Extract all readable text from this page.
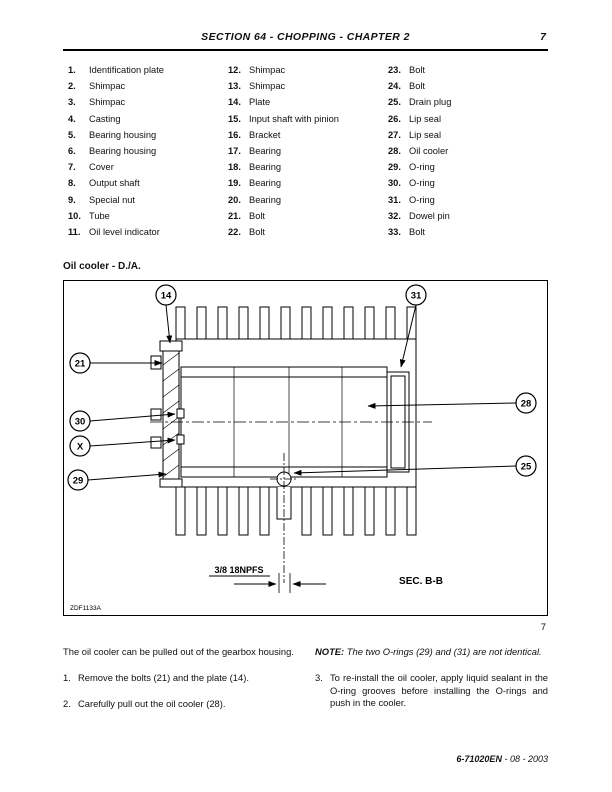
SECTION 64 - CHOPPING - CHAPTER 2	7
1. Identification plate
2. Shimpac
3. Shimpac
4. Casting
5. Bearing housing
6. Bearing housing
7. Cover
8. Output shaft
9. Special nut
10. Tube
11. Oil level indicator
12. Shimpac
13. Shimpac
14. Plate
15. Input shaft with pinion
16. Bracket
17. Bearing
18. Bearing
19. Bearing
20. Bearing
21. Bolt
22. Bolt
23. Bolt
24. Bolt
25. Drain plug
26. Lip seal
27. Lip seal
28. Oil cooler
29. O-ring
30. O-ring
31. O-ring
32. Dowel pin
33. Bolt
Oil cooler - D./A.
14	31
21
30
X
29
28
25
3/8 18NPFS
SEC. B-B
ZDF1133A
7
The oil cooler can be pulled out of the gearbox housing.
1. Remove the bolts (21) and the plate (14).
2. Carefully pull out the oil cooler (28).
NOTE: The two O-rings (29) and (31) are not identical.
3. To re-install the oil cooler, apply liquid sealant in the O-ring grooves before installing the O-rings and push in the cooler.
6-71020EN - 08 - 2003
